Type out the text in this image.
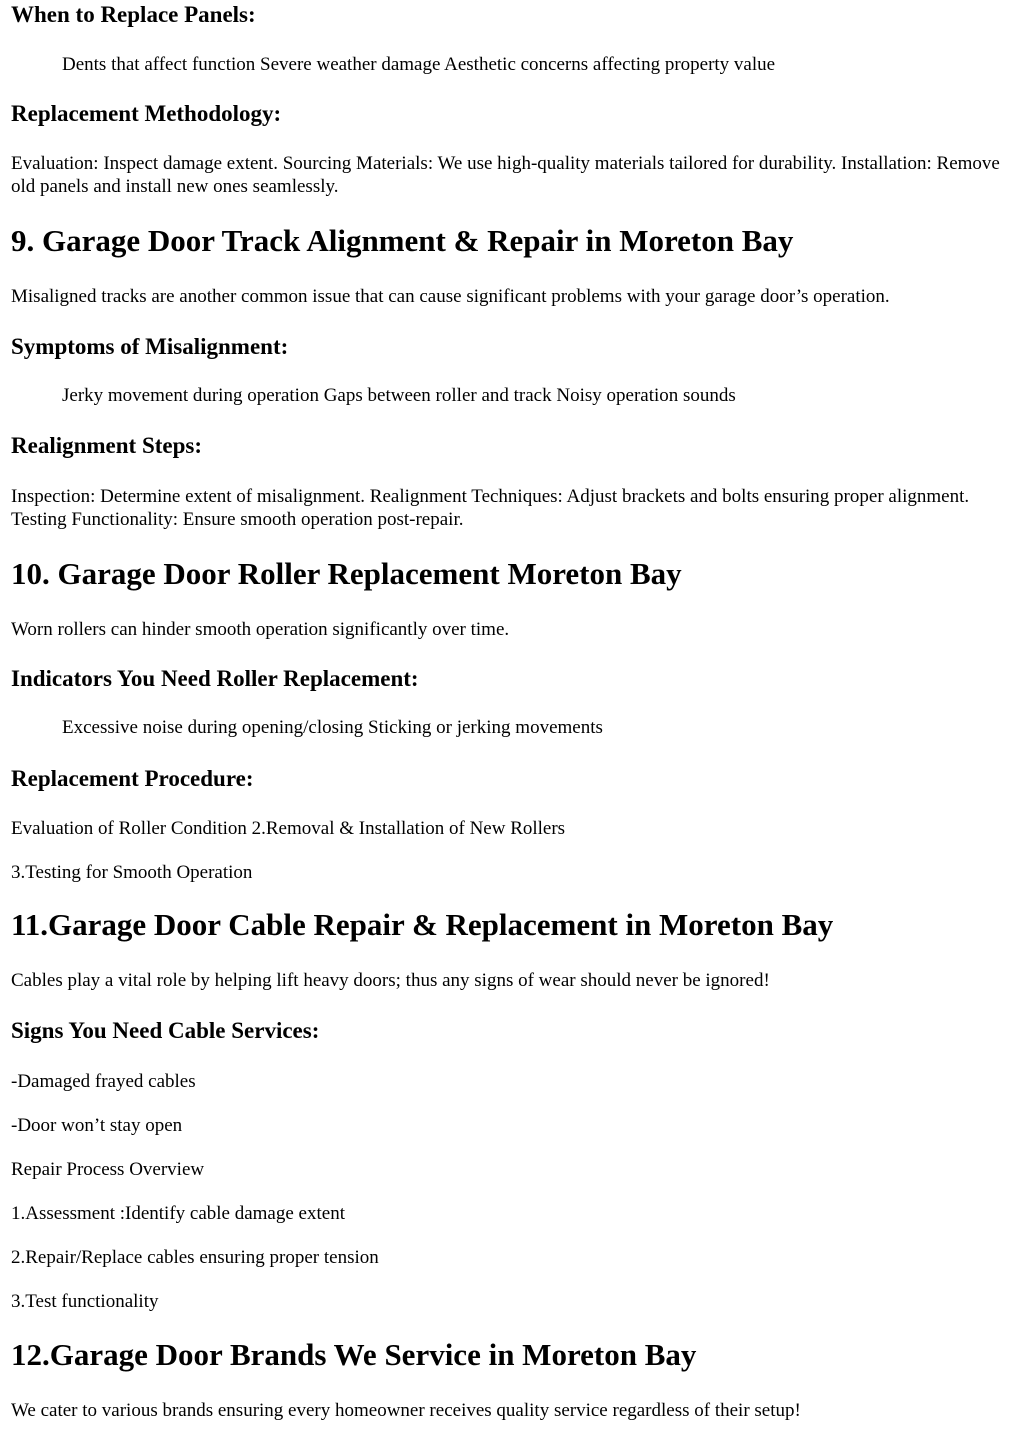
When to Replace Panels:

Dents that affect function Severe weather damage Aesthetic concerns affecting property value

Replacement Methodology:

Evaluation: Inspect damage extent. Sourcing Materials: We use high-quality materials tailored for durability. Installation: Remove old panels and install new ones seamlessly.

9. Garage Door Track Alignment & Repair in Moreton Bay

Misaligned tracks are another common issue that can cause significant problems with your garage door’s operation.

Symptoms of Misalignment:

Jerky movement during operation Gaps between roller and track Noisy operation sounds

Realignment Steps:

Inspection: Determine extent of misalignment. Realignment Techniques: Adjust brackets and bolts ensuring proper alignment. Testing Functionality: Ensure smooth operation post-repair.

10. Garage Door Roller Replacement Moreton Bay

Worn rollers can hinder smooth operation significantly over time.

Indicators You Need Roller Replacement:

Excessive noise during opening/closing Sticking or jerking movements

Replacement Procedure:

Evaluation of Roller Condition 2.Removal & Installation of New Rollers

3.Testing for Smooth Operation

11.Garage Door Cable Repair & Replacement in Moreton Bay

Cables play a vital role by helping lift heavy doors; thus any signs of wear should never be ignored!

Signs You Need Cable Services:

-Damaged frayed cables

-Door won’t stay open

Repair Process Overview

1.Assessment :Identify cable damage extent

2.Repair/Replace cables ensuring proper tension

3.Test functionality

12.Garage Door Brands We Service in Moreton Bay

We cater to various brands ensuring every homeowner receives quality service regardless of their setup!
